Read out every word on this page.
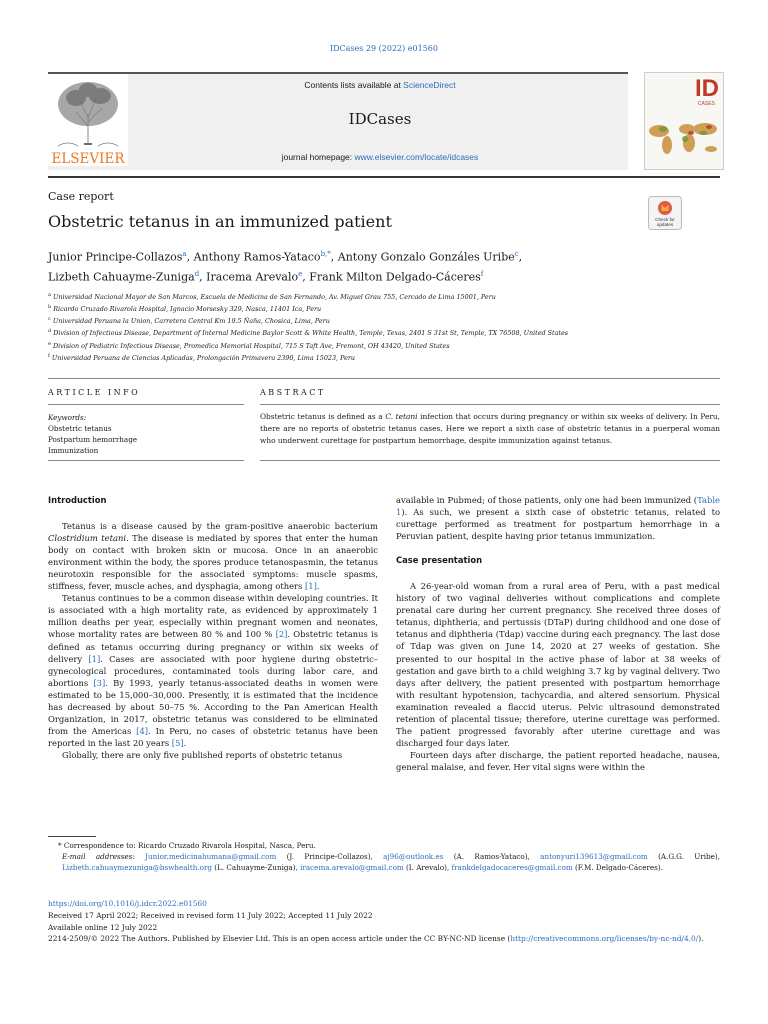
IDCases 29 (2022) e01560
ELSEVIER
Contents lists available at ScienceDirect
IDCases
journal homepage: www.elsevier.com/locate/idcases
ID
CASES
Case report
Obstetric tetanus in an immunized patient	Check for
updates
Junior Principe-Collazos$^a$, Anthony Ramos-Yataco$^{b,*}$, Antony Gonzalo Gonzáles Uribe$^c$,
Lizbeth Cahuayme-Zuniga$^d$, Iracema Arevalo$^e$, Frank Milton Delgado-Cáceres$^f$
$^a$ Universidad Nacional Mayor de San Marcos, Escuela de Medicina de San Fernando, Av. Miguel Grau 755, Cercado de Lima 15001, Peru
$^b$ Ricardo Cruzado Rivarola Hospital, Ignacio Morsesky 329, Nasca, 11401 Ica, Peru
$^c$ Universidad Peruana la Union, Carretera Central Km 19.5 Ñaña, Chosica, Lima, Peru
$^d$ Division of Infectious Disease, Department of Internal Medicine Baylor Scott & White Health, Temple, Texas, 2401 S 31st St, Temple, TX 76508, United States
$^e$ Division of Pediatric Infectious Disease, Promedica Memorial Hospital, 715 S Taft Ave, Fremont, OH 43420, United States
$^f$ Universidad Peruana de Ciencias Aplicadas, Prolongación Primavera 2390, Lima 15023, Peru
ARTICLE INFO	ABSTRACT
Keywords:
Obstetric tetanus
Postpartum hemorrhage
Immunization
Obstetric tetanus is defined as a C. tetani infection that occurs during pregnancy or within six weeks of delivery. In Peru, there are no reports of obstetric tetanus cases. Here we report a sixth case of obstetric tetanus in a puerperal woman who underwent curettage for postpartum hemorrhage, despite immunization against tetanus.
Introduction

Tetanus is a disease caused by the gram-positive anaerobic bacterium Clostridium tetani. The disease is mediated by spores that enter the human body on contact with broken skin or mucosa. Once in an anaerobic environment within the body, the spores produce tetanospasmin, the tetanus neurotoxin responsible for the associated symptoms: muscle spasms, stiffness, fever, muscle aches, and dysphagia, among others [1].

Tetanus continues to be a common disease within developing countries. It is associated with a high mortality rate, as evidenced by approximately 1 million deaths per year, especially within pregnant women and neonates, whose mortality rates are between 80 % and 100 % [2]. Obstetric tetanus is defined as tetanus occurring during pregnancy or within six weeks of delivery [1]. Cases are associated with poor hygiene during obstetric–gynecological procedures, contaminated tools during labor care, and abortions [3]. By 1993, yearly tetanus-associated deaths in women were estimated to be 15,000–30,000. Presently, it is estimated that the incidence has decreased by about 50–75 %. According to the Pan American Health Organization, in 2017, obstetric tetanus was considered to be eliminated from the Americas [4]. In Peru, no cases of obstetric tetanus have been reported in the last 20 years [5].

Globally, there are only five published reports of obstetric tetanus

available in Pubmed; of those patients, only one had been immunized (Table 1). As such, we present a sixth case of obstetric tetanus, related to curettage performed as treatment for postpartum hemorrhage in a Peruvian patient, despite having prior tetanus immunization.

Case presentation

A 26-year-old woman from a rural area of Peru, with a past medical history of two vaginal deliveries without complications and complete prenatal care during her current pregnancy. She received three doses of tetanus, diphtheria, and pertussis (DTaP) during childhood and one dose of tetanus and diphtheria (Tdap) vaccine during each pregnancy. The last dose of Tdap was given on June 14, 2020 at 27 weeks of gestation. She presented to our hospital in the active phase of labor at 38 weeks of gestation and gave birth to a child weighing 3.7 kg by vaginal delivery. Two days after delivery, the patient presented with postpartum hemorrhage with resultant hypotension, tachycardia, and altered sensorium. Physical examination revealed a flaccid uterus. Pelvic ultrasound demonstrated retention of placental tissue; therefore, uterine curettage was performed. The patient progressed favorably after uterine curettage and was discharged four days later.

Fourteen days after discharge, the patient reported headache, nausea, general malaise, and fever. Her vital signs were within the

* Correspondence to: Ricardo Cruzado Rivarola Hospital, Nasca, Peru.
E-mail addresses: Junior.medicinahumana@gmail.com (J. Principe-Collazos), aj96@outlook.es (A. Ramos-Yataco), antonyuri139613@gmail.com (A.G.G. Uribe), Lizbeth.cahuaymezuniga@bswhealth.org (L. Cahuayme-Zuniga), iracema.arevalo@gmail.com (I. Arevalo), frankdelgadocaceres@gmail.com (F.M. Delgado-Cáceres).
https://doi.org/10.1016/j.idcr.2022.e01560
Received 17 April 2022; Received in revised form 11 July 2022; Accepted 11 July 2022
Available online 12 July 2022
2214-2509/© 2022 The Authors. Published by Elsevier Ltd. This is an open access article under the CC BY-NC-ND license (http://creativecommons.org/licenses/by-nc-nd/4.0/).
